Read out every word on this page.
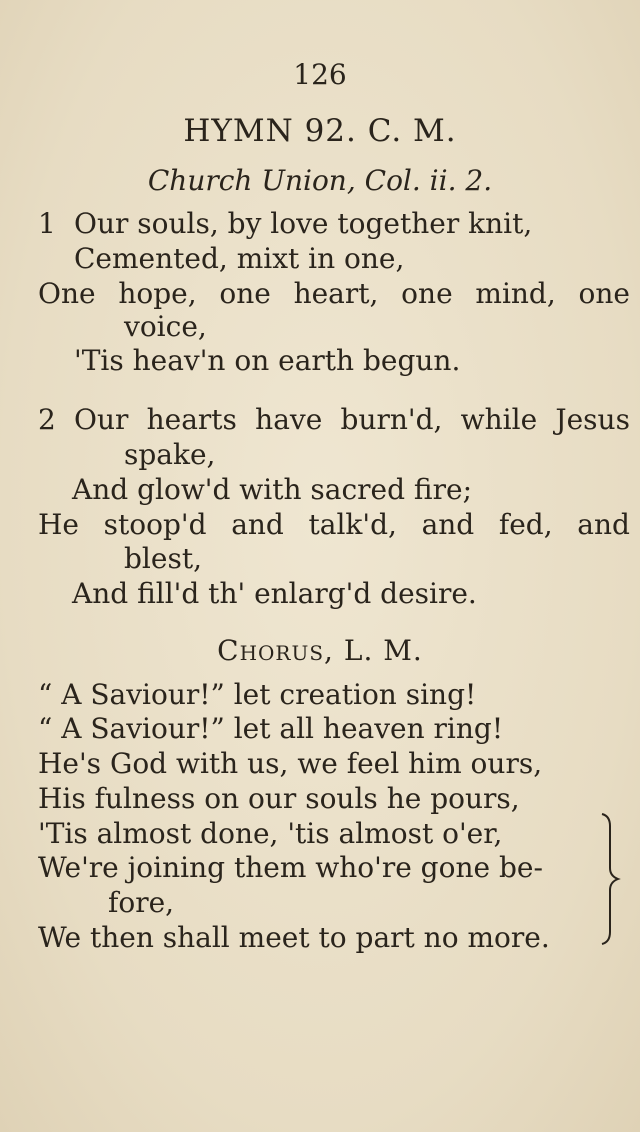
126
HYMN 92. C. M.
Church Union, Col. ii. 2.
1 Our souls, by love together knit,
Cemented, mixt in one,
One hope, one heart, one mind, one
voice,
'Tis heav'n on earth begun.
2 Our hearts have burn'd, while Jesus
spake,
And glow'd with sacred fire;
He stoop'd and talk'd, and fed, and
blest,
And fill'd th' enlarg'd desire.
Chorus, L. M.
“ A Saviour!” let creation sing!
“ A Saviour!” let all heaven ring!
He's God with us, we feel him ours,
His fulness on our souls he pours,
'Tis almost done, 'tis almost o'er,
We're joining them who're gone be-
fore,
We then shall meet to part no more.
